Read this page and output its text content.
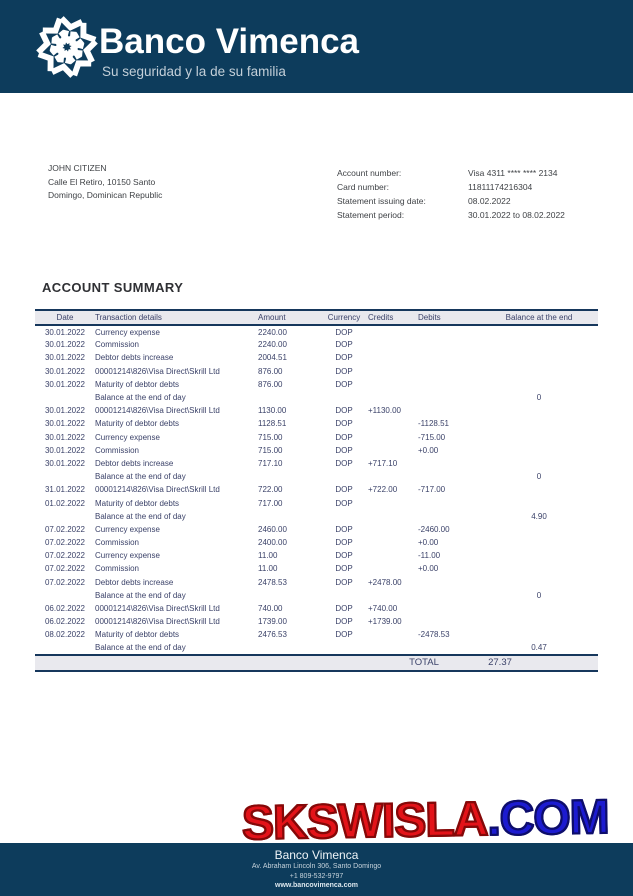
Banco Vimenca
Su seguridad y la de su familia
JOHN CITIZEN
Calle El Retiro, 10150 Santo
Domingo, Dominican Republic
Account number:	Visa 4311 **** **** 2134
Card number:	11811174216304
Statement issuing date:	08.02.2022
Statement period:	30.01.2022 to 08.02.2022
ACCOUNT SUMMARY
Date	Transaction details	Amount	Currency	Credits	Debits	Balance at the end
30.01.2022	Currency expense	2240.00	DOP			
30.01.2022	Commission	2240.00	DOP			
30.01.2022	Debtor debts increase	2004.51	DOP			
30.01.2022	00001214\826\Visa Direct\Skrill Ltd	876.00	DOP			
30.01.2022	Maturity of debtor debts	876.00	DOP			
	Balance at the end of day					0
30.01.2022	00001214\826\Visa Direct\Skrill Ltd	1130.00	DOP	+1130.00		
30.01.2022	Maturity of debtor debts	1128.51	DOP		-1128.51	
30.01.2022	Currency expense	715.00	DOP		-715.00	
30.01.2022	Commission	715.00	DOP		+0.00	
30.01.2022	Debtor debts increase	717.10	DOP	+717.10		
	Balance at the end of day					0
31.01.2022	00001214\826\Visa Direct\Skrill Ltd	722.00	DOP	+722.00	-717.00	
01.02.2022	Maturity of debtor debts	717.00	DOP			
	Balance at the end of day					4.90
07.02.2022	Currency expense	2460.00	DOP		-2460.00	
07.02.2022	Commission	2400.00	DOP		+0.00	
07.02.2022	Currency expense	11.00	DOP		-11.00	
07.02.2022	Commission	11.00	DOP		+0.00	
07.02.2022	Debtor debts increase	2478.53	DOP	+2478.00		
	Balance at the end of day					0
06.02.2022	00001214\826\Visa Direct\Skrill Ltd	740.00	DOP	+740.00		
06.02.2022	00001214\826\Visa Direct\Skrill Ltd	1739.00	DOP	+1739.00		
08.02.2022	Maturity of debtor debts	2476.53	DOP		-2478.53	
	Balance at the end of day					0.47
				TOTAL		27.37
SKSWISLA.COM
Banco Vimenca
Av. Abraham Lincoln 306, Santo Domingo
+1 809-532-9797
www.bancovimenca.com
